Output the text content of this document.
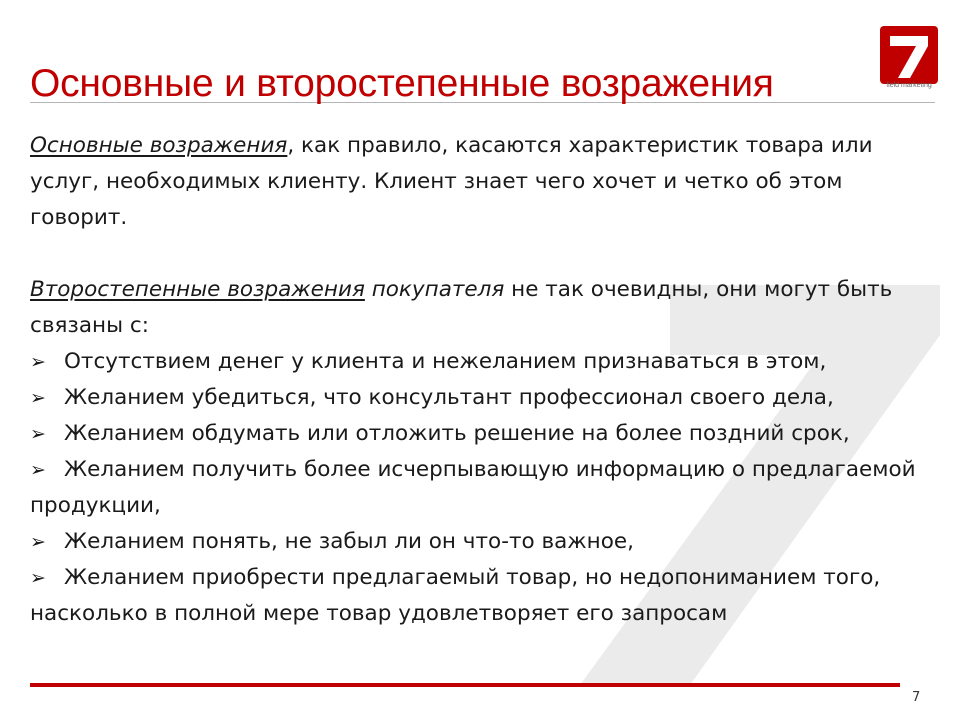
Основные и второстепенные возражения	field marketing

Основные возражения, как правило, касаются характеристик товара или услуг, необходимых клиенту. Клиент знает чего хочет и четко об этом говорит.

Второстепенные возражения покупателя не так очевидны, они могут быть связаны с:

➢ Отсутствием денег у клиента и нежеланием признаваться в этом,

➢ Желанием убедиться, что консультант профессионал своего дела,

➢ Желанием обдумать или отложить решение на более поздний срок,

➢ Желанием получить более исчерпывающую информацию о предлагаемой продукции,

➢ Желанием понять, не забыл ли он что-то важное,

➢ Желанием приобрести предлагаемый товар, но недопониманием того, насколько в полной мере товар удовлетворяет его запросам

7
